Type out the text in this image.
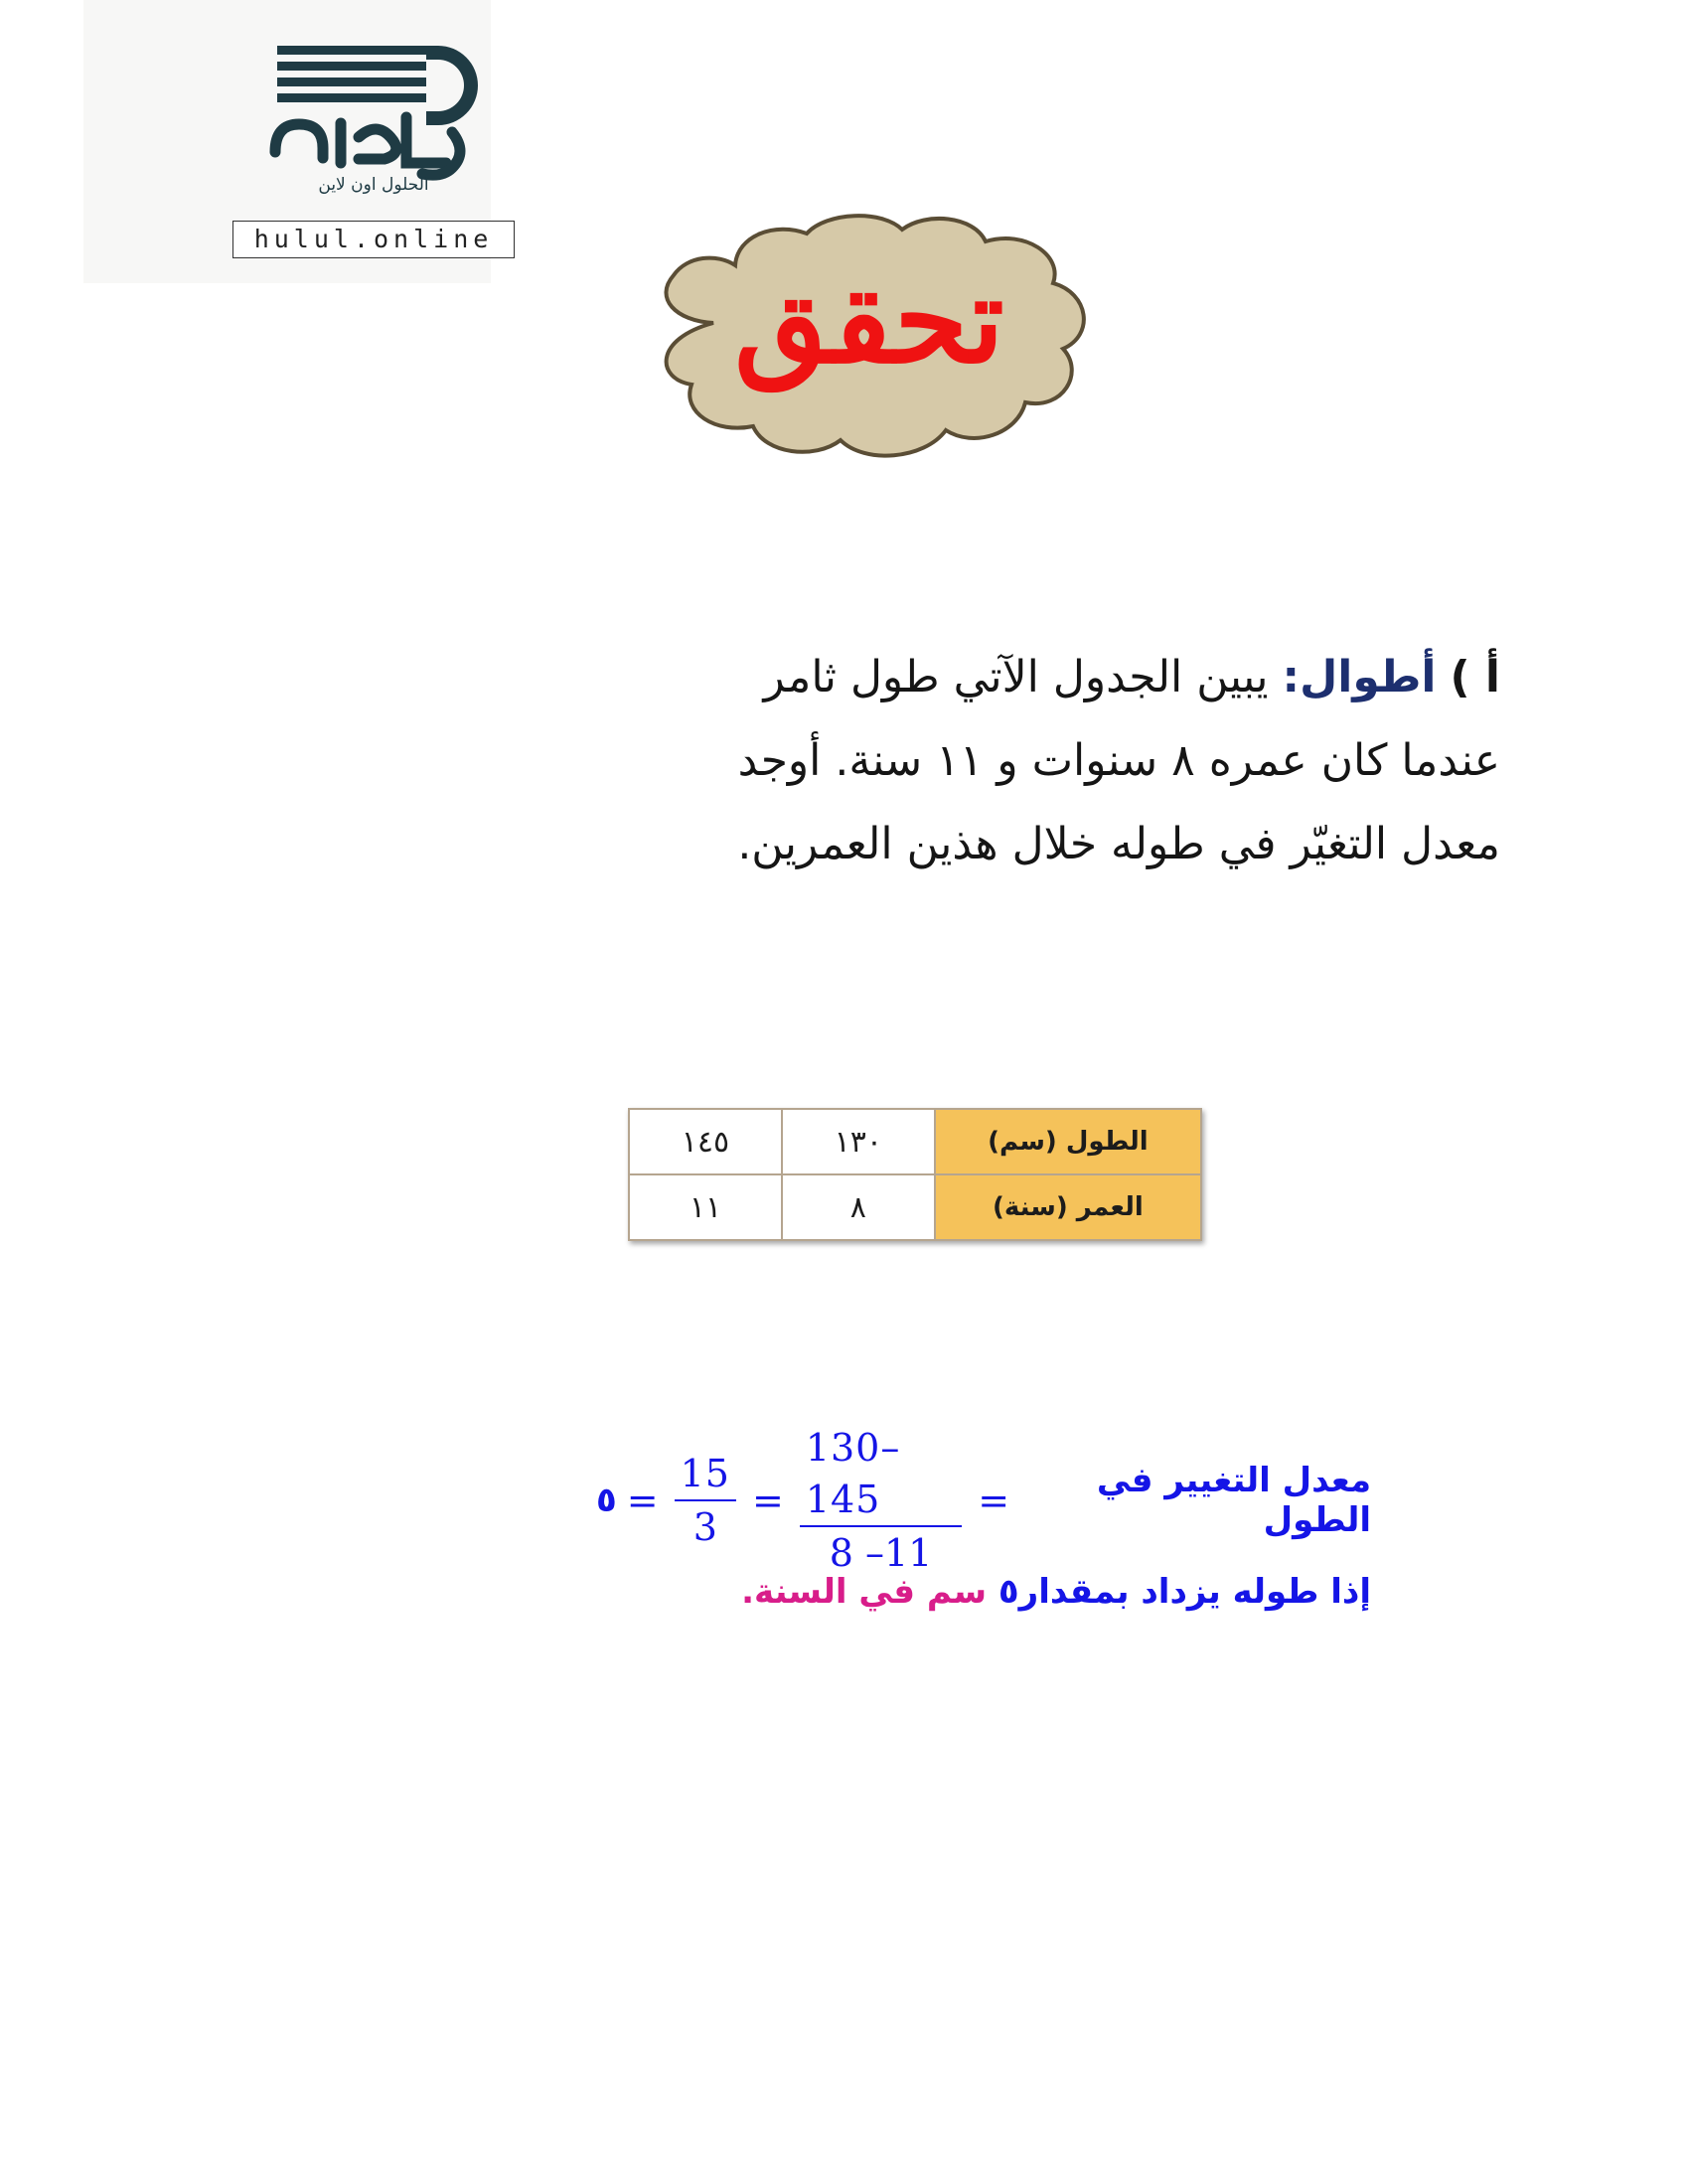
الحلول اون لاين
hulul.online
تحقق
أ ) أطوال: يبين الجدول الآتي طول ثامر
عندما كان عمره ٨ سنوات و ١١ سنة. أوجد
معدل التغيّر في طوله خلال هذين العمرين.
الطول (سم)	١٣٠	١٤٥
العمر (سنة)	٨	١١
٥ = $\frac{15}{3} = \frac{130-145}{8 -11}$ =	معدل التغيير في الطول
إذا طوله يزداد بمقدار٥ سم في السنة.
